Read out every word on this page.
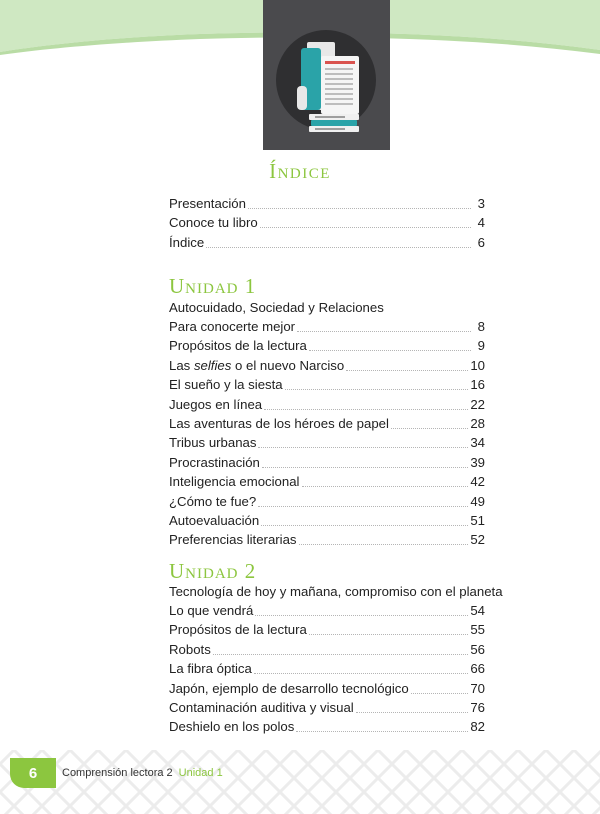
Índice
Presentación	3
Conoce tu libro	4
Índice	6
Unidad 1
Autocuidado, Sociedad y Relaciones
Para conocerte mejor	8
Propósitos de la lectura	9
Las selfies o el nuevo Narciso	10
El sueño y la siesta	16
Juegos en línea	22
Las aventuras de los héroes de papel	28
Tribus urbanas	34
Procrastinación	39
Inteligencia emocional	42
¿Cómo te fue?	49
Autoevaluación	51
Preferencias literarias	52
Unidad 2
Tecnología de hoy y mañana, compromiso con el planeta
Lo que vendrá	54
Propósitos de la lectura	55
Robots	56
La fibra óptica	66
Japón, ejemplo de desarrollo tecnológico	70
Contaminación auditiva y visual	76
Deshielo en los polos	82
6 Comprensión lectora 2 Unidad 1
